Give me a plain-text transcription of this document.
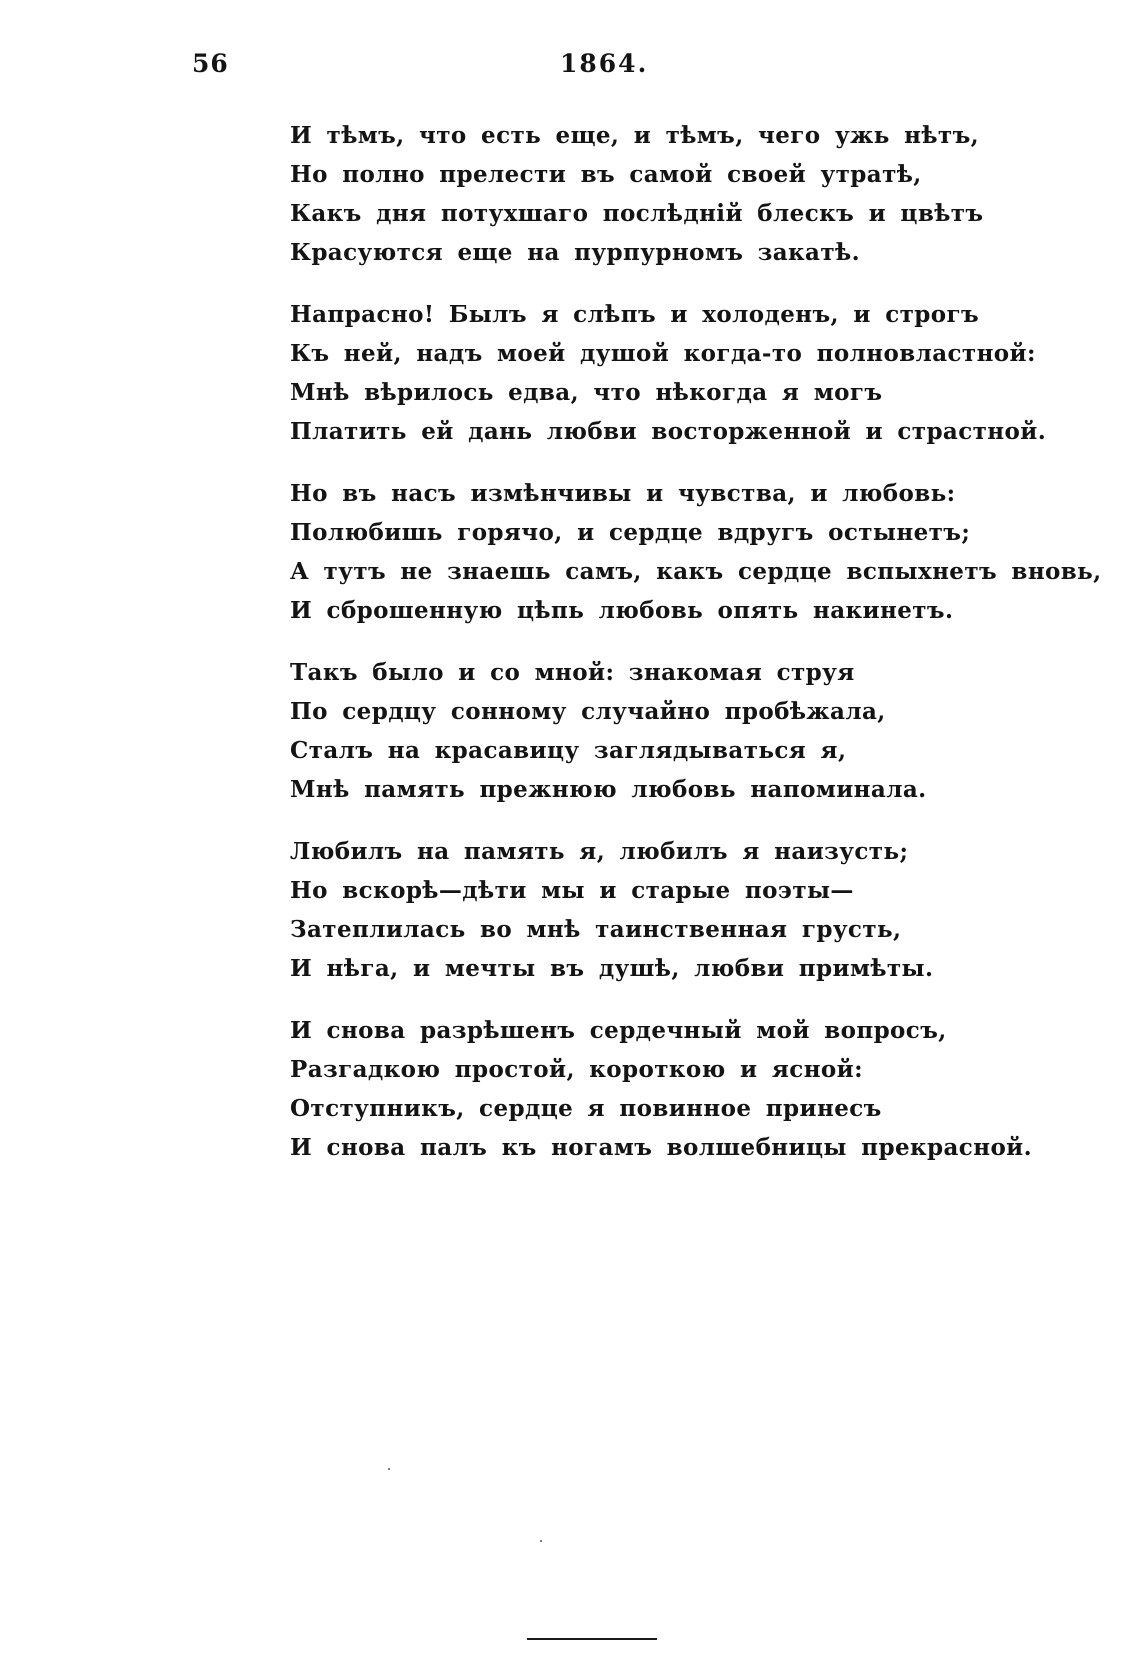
56	1864.
И тѣмъ, что есть еще, и тѣмъ, чего ужь нѣтъ,
Но полно прелести въ самой своей утратѣ,
Какъ дня потухшаго послѣднiй блескъ и цвѣтъ
Красуются еще на пурпурномъ закатѣ.
Напрасно! Былъ я слѣпъ и холоденъ, и строгъ
Къ ней, надъ моей душой когда-то полновластной:
Мнѣ вѣрилось едва, что нѣкогда я могъ
Платить ей дань любви восторженной и страстной.
Но въ насъ измѣнчивы и чувства, и любовь:
Полюбишь горячо, и сердце вдругъ остынетъ;
А тутъ не знаешь самъ, какъ сердце вспыхнетъ вновь,
И сброшенную цѣпь любовь опять накинетъ.
Такъ было и со мной: знакомая струя
По сердцу сонному случайно пробѣжала,
Сталъ на красавицу заглядываться я,
Мнѣ память прежнюю любовь напоминала.
Любилъ на память я, любилъ я наизусть;
Но вскорѣ—дѣти мы и старые поэты—
Затеплилась во мнѣ таинственная грусть,
И нѣга, и мечты въ душѣ, любви примѣты.
И снова разрѣшенъ сердечный мой вопросъ,
Разгадкою простой, короткою и ясной:
Отступникъ, сердце я повинное принесъ
И снова палъ къ ногамъ волшебницы прекрасной.
